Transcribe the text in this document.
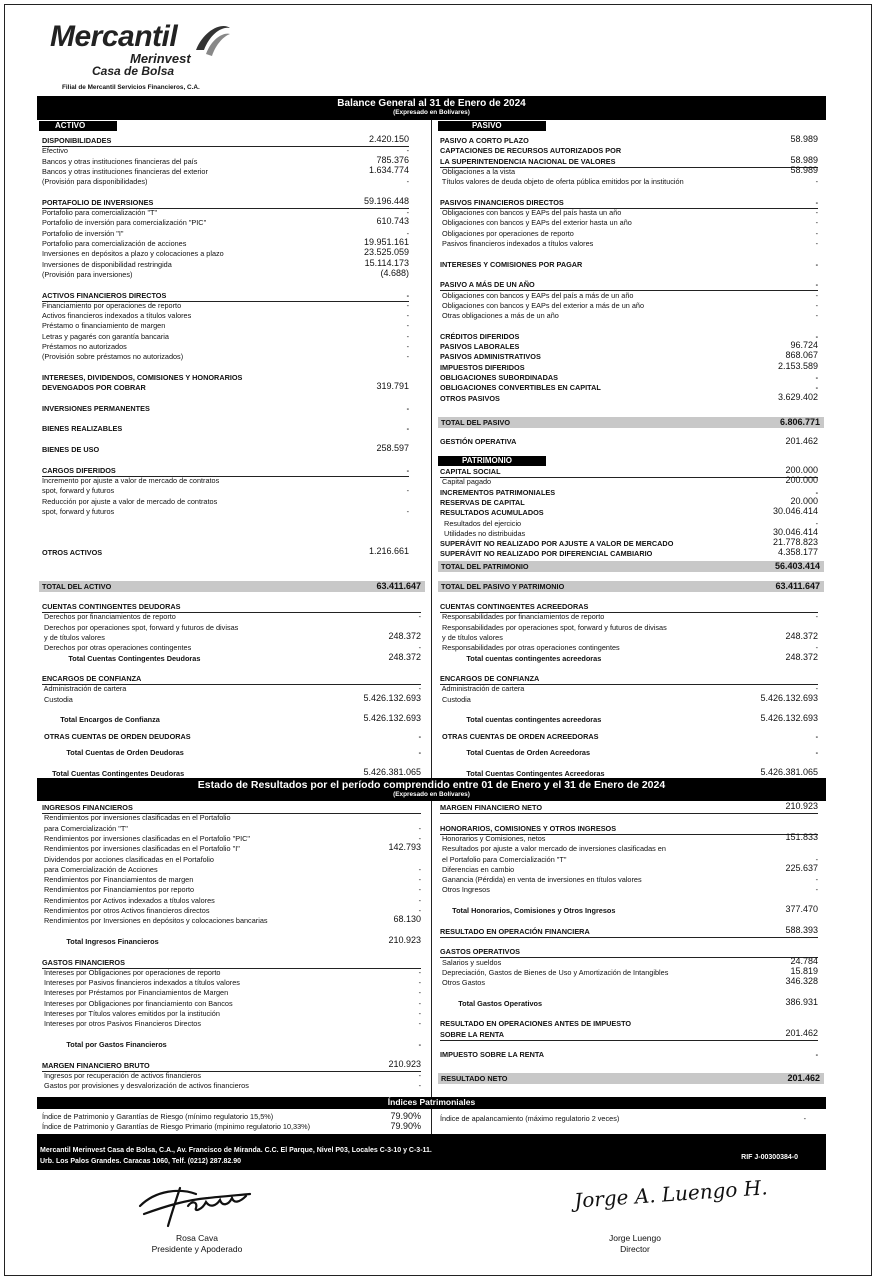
Mercantil
Merinvest
Casa de Bolsa
Filial de Mercantil Servicios Financieros, C.A.
Balance General al 31 de Enero de 2024
(Expresado en Bolívares)
ACTIVO	PASIVO
PATRIMONIO
DISPONIBILIDADES	2.420.150
Efectivo	-
Bancos y otras instituciones financieras del país	785.376
Bancos y otras instituciones financieras del exterior	1.634.774
(Provisión para disponibilidades)	-
PORTAFOLIO DE INVERSIONES	59.196.448
Portafolio para comercialización "T"	-
Portafolio de inversión para comercialización "PIC"	610.743
Portafolio de inversión "I"	-
Portafolio para comercialización de acciones	19.951.161
Inversiones en depósitos a plazo y colocaciones a plazo	23.525.059
Inversiones de disponibilidad restringida	15.114.173
(Provisión para inversiones)	(4.688)
ACTIVOS FINANCIEROS DIRECTOS	-
Financiamiento por operaciones de reporto	-
Activos financieros indexados a títulos valores	-
Préstamo o financiamiento de margen	-
Letras y pagarés con garantía bancaria	-
Préstamos no autorizados	-
(Provisión sobre préstamos no autorizados)	-
INTERESES, DIVIDENDOS, COMISIONES Y HONORARIOS
DEVENGADOS POR COBRAR	319.791
INVERSIONES PERMANENTES	-
BIENES REALIZABLES	-
BIENES DE USO	258.597
CARGOS DIFERIDOS	-
Incremento por ajuste a valor de mercado de contratos
spot, forward y futuros	-
Reducción por ajuste a valor de mercado de contratos
spot, forward y futuros	-
OTROS ACTIVOS	1.216.661
PASIVO A CORTO PLAZO	58.989
CAPTACIONES DE RECURSOS AUTORIZADOS POR
LA SUPERINTENDENCIA NACIONAL DE VALORES	58.989
Obligaciones a la vista	58.989
Títulos valores de deuda objeto de oferta pública emitidos por la institución	-
PASIVOS FINANCIEROS DIRECTOS	-
Obligaciones con bancos y EAPs del país hasta un año	-
Obligaciones con bancos y EAPs del exterior hasta un año	-
Obligaciones por operaciones de reporto	-
Pasivos financieros indexados a títulos valores	-
INTERESES Y COMISIONES POR PAGAR	-
PASIVO A MÁS DE UN AÑO	-
Obligaciones con bancos y EAPs del país a más de un año	-
Obligaciones con bancos y EAPs del exterior a más de un año	-
Otras obligaciones a más de un año	-
CRÉDITOS DIFERIDOS	-
PASIVOS LABORALES	96.724
PASIVOS ADMINISTRATIVOS	868.067
IMPUESTOS DIFERIDOS	2.153.589
OBLIGACIONES SUBORDINADAS	-
OBLIGACIONES CONVERTIBLES EN CAPITAL	-
OTROS PASIVOS	3.629.402
CAPITAL SOCIAL	200.000
Capital pagado	200.000
INCREMENTOS PATRIMONIALES	-
RESERVAS DE CAPITAL	20.000
RESULTADOS ACUMULADOS	30.046.414
Resultados del ejercicio	-
Utilidades no distribuidas	30.046.414
SUPERÁVIT NO REALIZADO POR AJUSTE A VALOR DE MERCADO	21.778.823
SUPERÁVIT NO REALIZADO POR DIFERENCIAL CAMBIARIO	4.358.177
TOTAL DEL PASIVO	6.806.771
GESTIÓN OPERATIVA	201.462
TOTAL DEL PATRIMONIO	56.403.414
TOTAL DEL ACTIVO	63.411.647	TOTAL DEL PASIVO Y PATRIMONIO	63.411.647
CUENTAS CONTINGENTES DEUDORAS
Derechos por financiamientos de reporto	-
Derechos por operaciones spot, forward y futuros de divisas
y de títulos valores	248.372
Derechos por otras operaciones contingentes	-
Total Cuentas Contingentes Deudoras	248.372
ENCARGOS DE CONFIANZA
Administración de cartera	-
Custodia	5.426.132.693
Total Encargos de Confianza	5.426.132.693
OTRAS CUENTAS DE ORDEN DEUDORAS	-
Total Cuentas de Orden Deudoras	-
Total Cuentas Contingentes Deudoras	5.426.381.065
CUENTAS CONTINGENTES ACREEDORAS
Responsabilidades por financiamientos de reporto	-
Responsabilidades por operaciones spot, forward y futuros de divisas
y de títulos valores	248.372
Responsabilidades por otras operaciones contingentes	-
Total cuentas contingentes acreedoras	248.372
ENCARGOS DE CONFIANZA
Administración de cartera	-
Custodia	5.426.132.693
Total cuentas contingentes acreedoras	5.426.132.693
OTRAS CUENTAS DE ORDEN ACREEDORAS	-
Total Cuentas de Orden Acreedoras	-
Total Cuentas Contingentes Acreedoras	5.426.381.065
Estado de Resultados por el período comprendido entre 01 de Enero y el 31 de Enero de 2024
(Expresado en Bolívares)
INGRESOS FINANCIEROS
Rendimientos por inversiones clasificadas en el Portafolio
para Comercialización "T"	-
Rendimientos por inversiones clasificadas en el Portafolio "PIC"	-
Rendimientos por inversiones clasificadas en el Portafolio "I"	142.793
Dividendos por acciones clasificadas en el Portafolio
para Comercialización de Acciones	-
Rendimientos por Financiamientos de margen	-
Rendimientos por Financiamientos por reporto	-
Rendimientos por Activos indexados a títulos valores	-
Rendimientos por otros Activos financieros directos	-
Rendimientos por Inversiones en depósitos y colocaciones bancarias	68.130
Total Ingresos Financieros	210.923
GASTOS FINANCIEROS
Intereses por Obligaciones por operaciones de reporto	-
Intereses por Pasivos financieros indexados a títulos valores	-
Intereses por Préstamos por Financiamientos de Margen	-
Intereses por Obligaciones por financiamiento con Bancos	-
Intereses por Títulos valores emitidos por la institución	-
Intereses por otros Pasivos Financieros Directos	-
Total por Gastos Financieros	-
MARGEN FINANCIERO BRUTO	210.923
Ingresos por recuperación de activos financieros	-
Gastos por provisiones y desvalorización de activos financieros	-
MARGEN FINANCIERO NETO	210.923
HONORARIOS, COMISIONES Y OTROS INGRESOS
Honorarios y Comisiones, netos	151.833
Resultados por ajuste a valor mercado de inversiones clasificadas en
el Portafolio para Comercialización "T"	-
Diferencias en cambio	225.637
Ganancia (Pérdida) en venta de inversiones en títulos valores	-
Otros Ingresos	-
Total Honorarios, Comisiones y Otros Ingresos	377.470
RESULTADO EN OPERACIÓN FINANCIERA	588.393
GASTOS OPERATIVOS
Salarios y sueldos	24.784
Depreciación, Gastos de Bienes de Uso y Amortización de Intangibles	15.819
Otros Gastos	346.328
Total Gastos Operativos	386.931
RESULTADO EN OPERACIONES ANTES DE IMPUESTO
SOBRE LA RENTA	201.462
IMPUESTO SOBRE LA RENTA	-
RESULTADO NETO	201.462
Índices Patrimoniales
Índice de Patrimonio y Garantías de Riesgo (mínimo regulatorio 15,5%)	79.90%
Índice de Patrimonio y Garantías de Riesgo Primario (mpinimo regulatorio 10,33%)	79.90%
Índice de apalancamiento (máximo regulatorio 2 veces)	-
Mercantil Merinvest Casa de Bolsa, C.A., Av. Francisco de Miranda. C.C. El Parque, Nivel P03, Locales C-3-10 y C-3-11.
Urb. Los Palos Grandes. Caracas 1060, Telf. (0212) 287.82.90
RIF J-00300384-0
Rosa Cava
Presidente y Apoderado
Jorge A. Luengo H.
Jorge Luengo
Director
